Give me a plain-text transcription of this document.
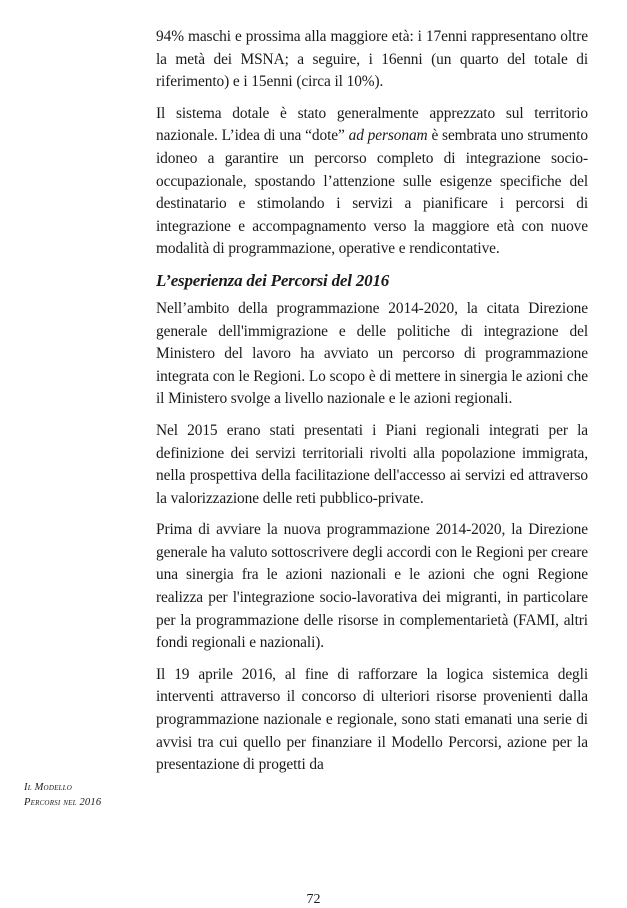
94% maschi e prossima alla maggiore età: i 17enni rappresentano oltre la metà dei MSNA; a seguire, i 16enni (un quarto del totale di riferimento) e i 15enni (circa il 10%).

Il sistema dotale è stato generalmente apprezzato sul territorio nazionale. L’idea di una “dote” ad personam è sembrata uno strumento idoneo a garantire un percorso completo di integrazione socio-occupazionale, spostando l’attenzione sulle esigenze specifiche del destinatario e stimolando i servizi a pianificare i percorsi di integrazione e accompagnamento verso la maggiore età con nuove modalità di programmazione, operative e rendicontative.

L’esperienza dei Percorsi del 2016

Nell’ambito della programmazione 2014-2020, la citata Direzione generale dell'immigrazione e delle politiche di integrazione del Ministero del lavoro ha avviato un percorso di programmazione integrata con le Regioni. Lo scopo è di mettere in sinergia le azioni che il Ministero svolge a livello nazionale e le azioni regionali.

Nel 2015 erano stati presentati i Piani regionali integrati per la definizione dei servizi territoriali rivolti alla popolazione immigrata, nella prospettiva della facilitazione dell'accesso ai servizi ed attraverso la valorizzazione delle reti pubblico-private.

Prima di avviare la nuova programmazione 2014-2020, la Direzione generale ha valuto sottoscrivere degli accordi con le Regioni per creare una sinergia fra le azioni nazionali e le azioni che ogni Regione realizza per l'integrazione socio-lavorativa dei migranti, in particolare per la programmazione delle risorse in complementarietà (FAMI, altri fondi regionali e nazionali).

Il 19 aprile 2016, al fine di rafforzare la logica sistemica degli interventi attraverso il concorso di ulteriori risorse provenienti dalla programmazione nazionale e regionale, sono stati emanati una serie di avvisi tra cui quello per finanziare il Modello Percorsi, azione per la presentazione di progetti da

Il Modello
Percorsi nel 2016
72
